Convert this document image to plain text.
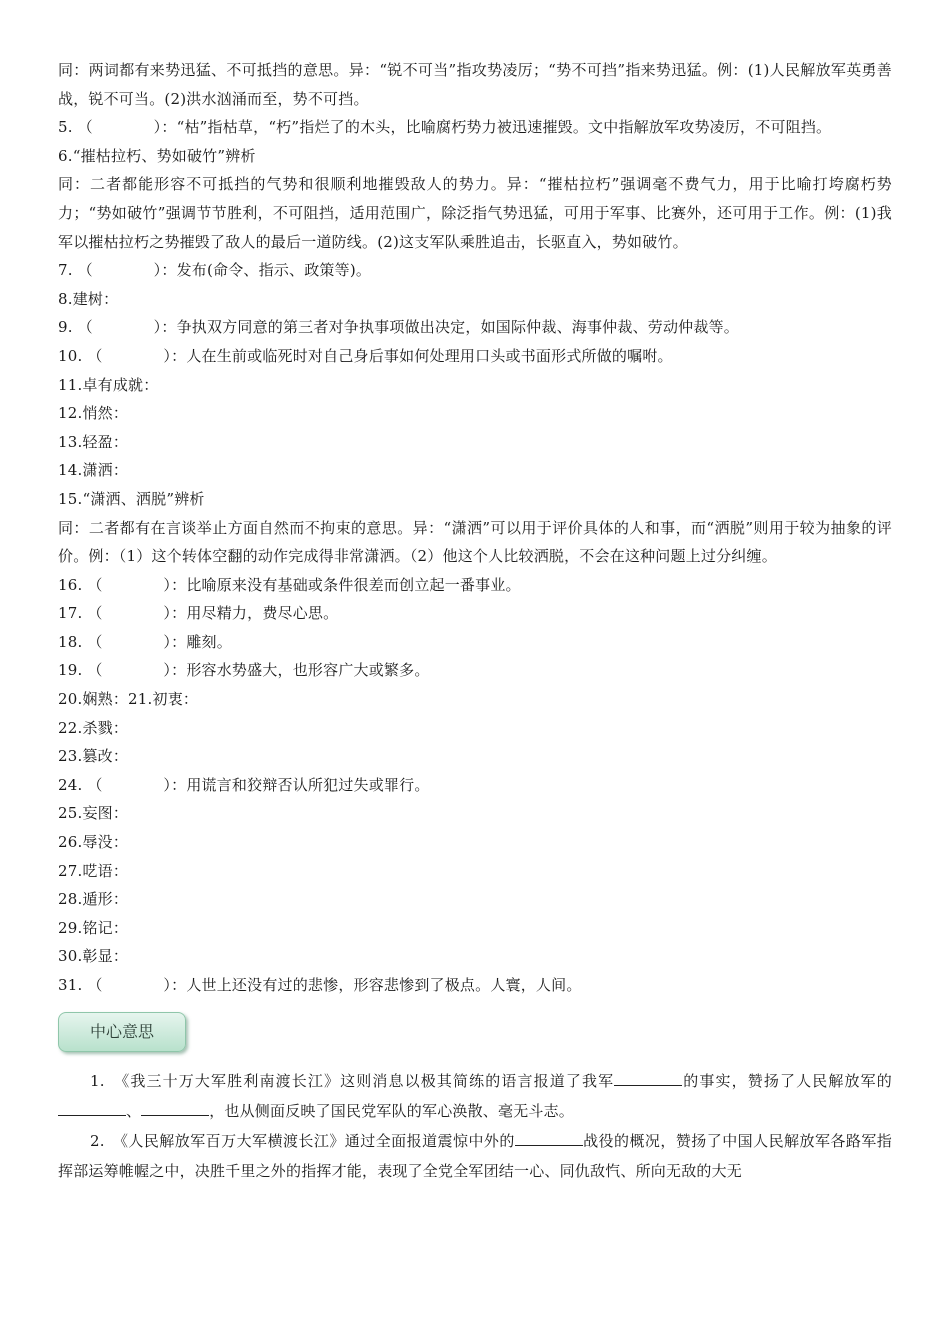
同：两词都有来势迅猛、不可抵挡的意思。异：“锐不可当”指攻势凌厉；“势不可挡”指来势迅猛。例：(1)人民解放军英勇善战，锐不可当。(2)洪水汹涌而至，势不可挡。
5. （　　　　）：“枯”指枯草，“朽”指烂了的木头，比喻腐朽势力被迅速摧毁。文中指解放军攻势凌厉，不可阻挡。
6.“摧枯拉朽、势如破竹”辨析
同：二者都能形容不可抵挡的气势和很顺利地摧毁敌人的势力。异：“摧枯拉朽”强调毫不费气力，用于比喻打垮腐朽势力；“势如破竹”强调节节胜利，不可阻挡，适用范围广，除泛指气势迅猛，可用于军事、比赛外，还可用于工作。例：(1)我军以摧枯拉朽之势摧毁了敌人的最后一道防线。(2)这支军队乘胜追击，长驱直入，势如破竹。
7. （　　　　）：发布(命令、指示、政策等)。
8.建树：
9. （　　　　）：争执双方同意的第三者对争执事项做出决定，如国际仲裁、海事仲裁、劳动仲裁等。
10. （　　　　）：人在生前或临死时对自己身后事如何处理用口头或书面形式所做的嘱咐。
11.卓有成就：
12.悄然：
13.轻盈：
14.潇洒：
15.“潇洒、洒脱”辨析
同：二者都有在言谈举止方面自然而不拘束的意思。异：“潇洒”可以用于评价具体的人和事，而“洒脱”则用于较为抽象的评价。例：（1）这个转体空翻的动作完成得非常潇洒。（2）他这个人比较洒脱，不会在这种问题上过分纠缠。
16. （　　　　）：比喻原来没有基础或条件很差而创立起一番事业。
17. （　　　　）：用尽精力，费尽心思。
18. （　　　　）：雕刻。
19. （　　　　）：形容水势盛大，也形容广大或繁多。
20.娴熟：21.初衷：
22.杀戮：
23.篡改：
24. （　　　　）：用谎言和狡辩否认所犯过失或罪行。
25.妄图：
26.辱没：
27.呓语：
28.遁形：
29.铭记：
30.彰显：
31. （　　　　）：人世上还没有过的悲惨，形容悲惨到了极点。人寰，人间。
中心意思
1.　 《我三十万大军胜利南渡长江》这则消息以极其简练的语言报道了我军	的事实，赞扬了人民解放军的、	，也从侧面反映了国民党军队的军心涣散、毫无斗志。
2.　 《人民解放军百万大军横渡长江》通过全面报道震惊中外的	战役的概况，赞扬了中国人民解放军各路军指挥部运筹帷幄之中，决胜千里之外的指挥才能，表现了全党全军团结一心、同仇敌忾、所向无敌的大无
